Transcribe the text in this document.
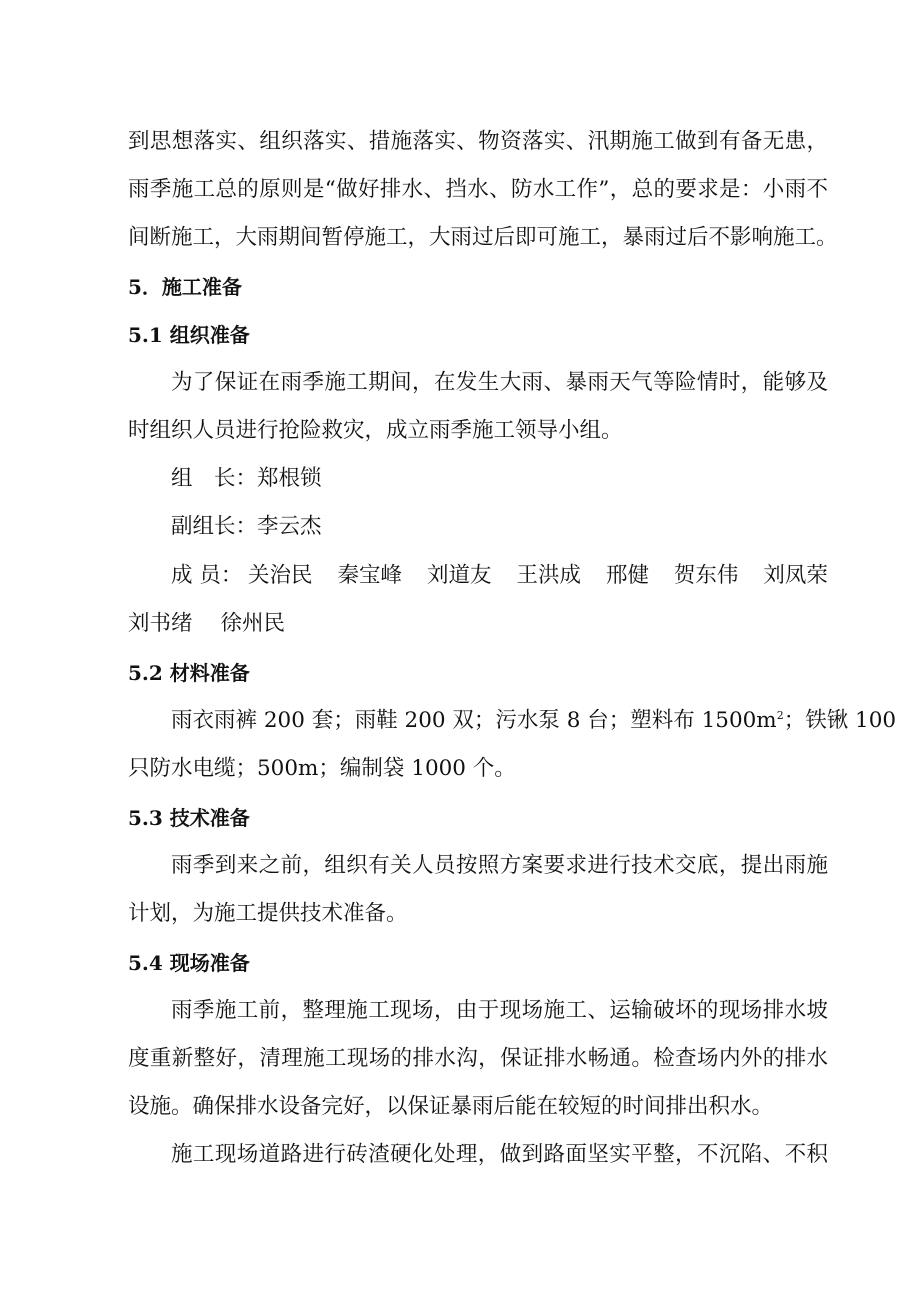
到思想落实、组织落实、措施落实、物资落实、汛期施工做到有备无患，
雨季施工总的原则是“做好排水、挡水、防水工作”，总的要求是：小雨不
间断施工，大雨期间暂停施工，大雨过后即可施工，暴雨过后不影响施工。
5．施工准备
5.1 组织准备
为了保证在雨季施工期间，在发生大雨、暴雨天气等险情时，能够及
时组织人员进行抢险救灾，成立雨季施工领导小组。
组　长：郑根锁
副组长：李云杰
成 员： 关治民 秦宝峰 刘道友 王洪成 邢健 贺东伟 刘凤荣
刘书绪 徐州民
5.2 材料准备
雨衣雨裤 200 套；雨鞋 200 双；污水泵 8 台；塑料布 $1500m^2$；铁锹 100
只防水电缆；500m；编制袋 1000 个。
5.3 技术准备
雨季到来之前，组织有关人员按照方案要求进行技术交底，提出雨施
计划，为施工提供技术准备。
5.4 现场准备
雨季施工前，整理施工现场，由于现场施工、运输破坏的现场排水坡
度重新整好，清理施工现场的排水沟，保证排水畅通。检查场内外的排水
设施。确保排水设备完好，以保证暴雨后能在较短的时间排出积水。
施工现场道路进行砖渣硬化处理，做到路面坚实平整，不沉陷、不积
